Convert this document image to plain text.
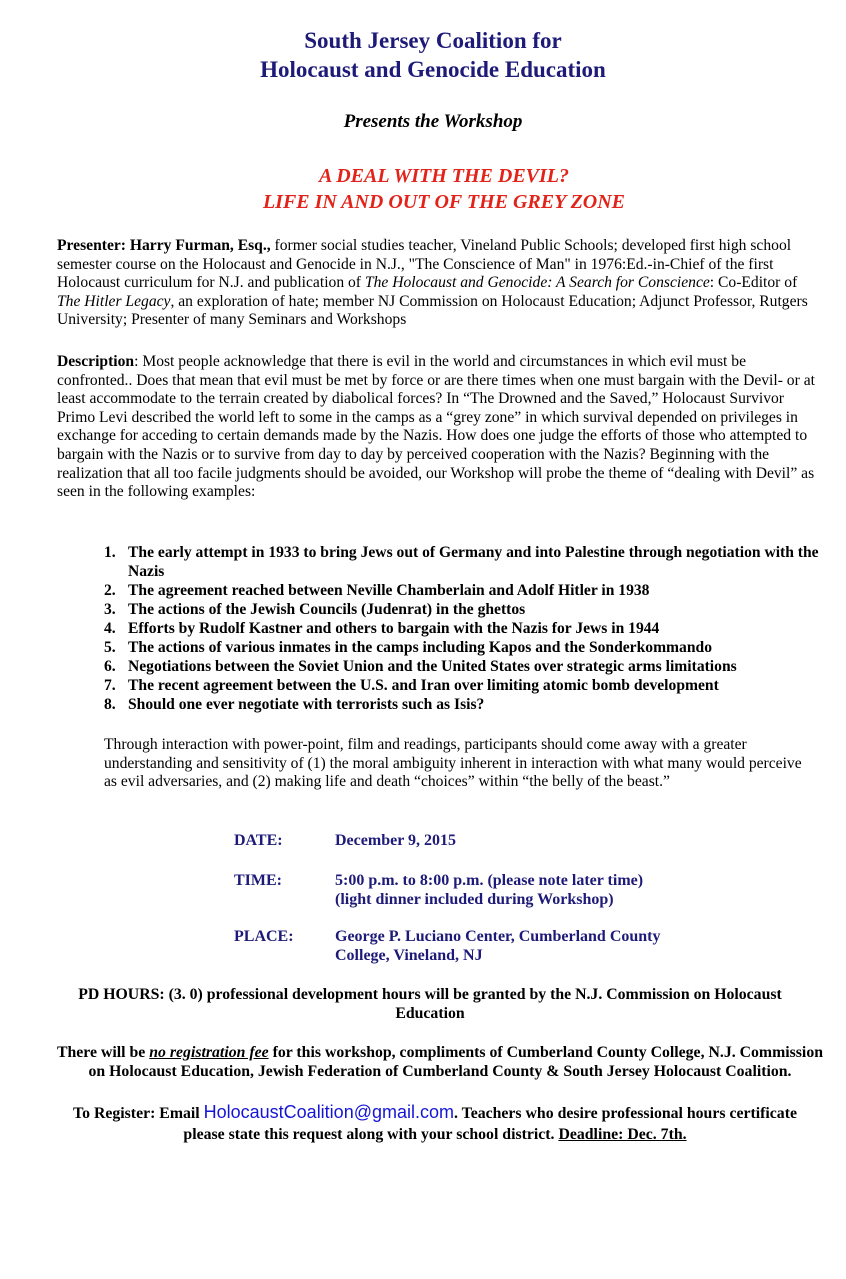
South Jersey Coalition for
Holocaust and Genocide Education
Presents the Workshop
A DEAL WITH THE DEVIL?
LIFE IN AND OUT OF THE GREY ZONE
Presenter: Harry Furman, Esq., former social studies teacher, Vineland Public Schools; developed first high school semester course on the Holocaust and Genocide in N.J., "The Conscience of Man" in 1976:Ed.-in-Chief of the first Holocaust curriculum for N.J. and publication of The Holocaust and Genocide: A Search for Conscience: Co-Editor of The Hitler Legacy, an exploration of hate; member NJ Commission on Holocaust Education; Adjunct Professor, Rutgers University; Presenter of many Seminars and Workshops
Description: Most people acknowledge that there is evil in the world and circumstances in which evil must be confronted.. Does that mean that evil must be met by force or are there times when one must bargain with the Devil- or at least accommodate to the terrain created by diabolical forces? In “The Drowned and the Saved,” Holocaust Survivor Primo Levi described the world left to some in the camps as a “grey zone” in which survival depended on privileges in exchange for acceding to certain demands made by the Nazis. How does one judge the efforts of those who attempted to bargain with the Nazis or to survive from day to day by perceived cooperation with the Nazis? Beginning with the realization that all too facile judgments should be avoided, our Workshop will probe the theme of “dealing with Devil” as seen in the following examples:
1. The early attempt in 1933 to bring Jews out of Germany and into Palestine through negotiation with the Nazis
2. The agreement reached between Neville Chamberlain and Adolf Hitler in 1938
3. The actions of the Jewish Councils (Judenrat) in the ghettos
4. Efforts by Rudolf Kastner and others to bargain with the Nazis for Jews in 1944
5. The actions of various inmates in the camps including Kapos and the Sonderkommando
6. Negotiations between the Soviet Union and the United States over strategic arms limitations
7. The recent agreement between the U.S. and Iran over limiting atomic bomb development
8. Should one ever negotiate with terrorists such as Isis?
Through interaction with power-point, film and readings, participants should come away with a greater understanding and sensitivity of (1) the moral ambiguity inherent in interaction with what many would perceive as evil adversaries, and (2) making life and death “choices” within “the belly of the beast.”
DATE:	December 9, 2015
TIME:	5:00 p.m. to 8:00 p.m. (please note later time)
(light dinner included during Workshop)
PLACE:	George P. Luciano Center, Cumberland County
College, Vineland, NJ
PD HOURS: (3. 0) professional development hours will be granted by the N.J. Commission on Holocaust Education
There will be no registration fee for this workshop, compliments of Cumberland County College, N.J. Commission on Holocaust Education, Jewish Federation of Cumberland County & South Jersey Holocaust Coalition.
To Register: Email HolocaustCoalition@gmail.com. Teachers who desire professional hours certificate please state this request along with your school district. Deadline: Dec. 7th.
